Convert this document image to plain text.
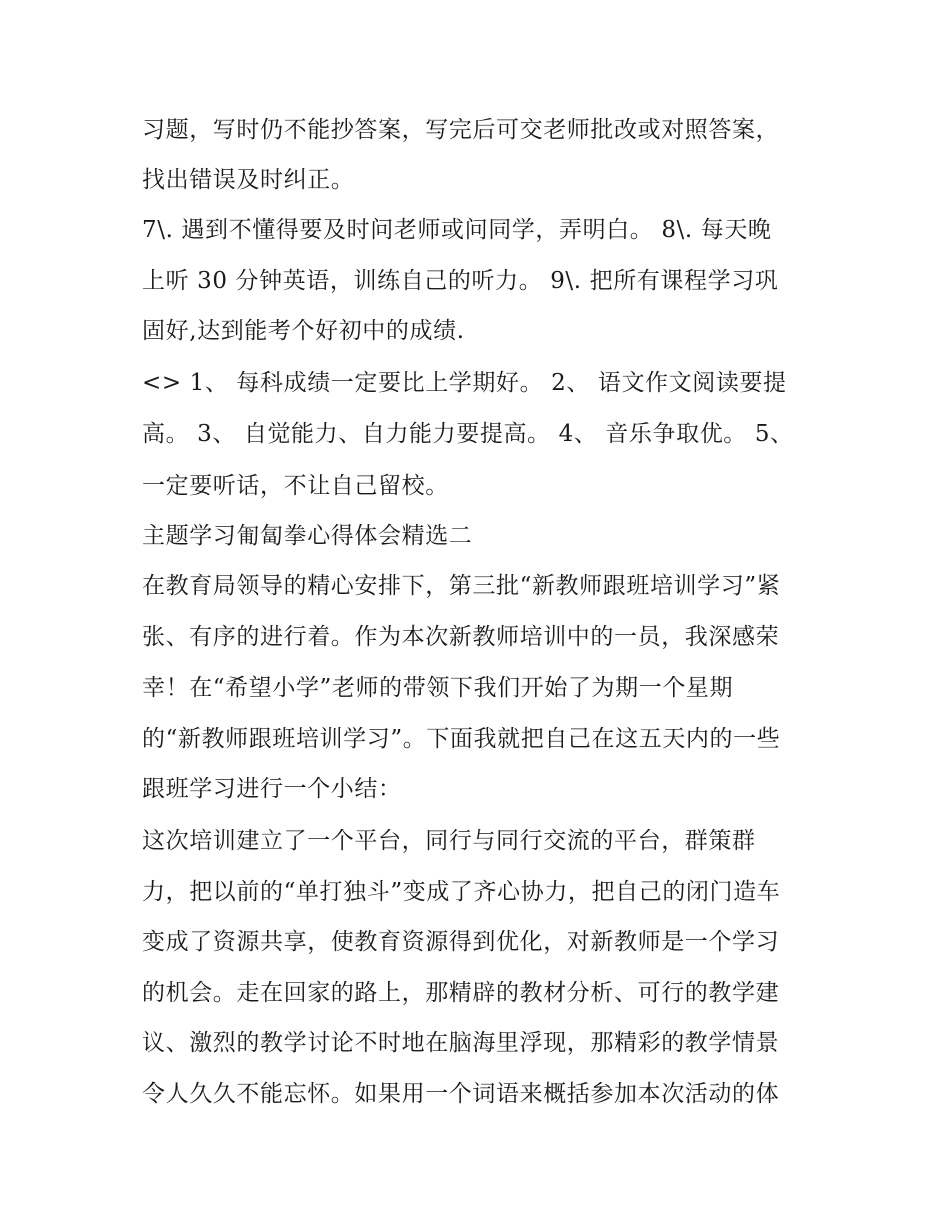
习题，写时仍不能抄答案，写完后可交老师批改或对照答案，
找出错误及时纠正。
7\. 遇到不懂得要及时问老师或问同学，弄明白。 8\. 每天晚
上听 30 分钟英语，训练自己的听力。 9\. 把所有课程学习巩
固好,达到能考个好初中的成绩.
<> 1、 每科成绩一定要比上学期好。 2、 语文作文阅读要提
高。 3、 自觉能力、自力能力要提高。 4、 音乐争取优。 5、
一定要听话，不让自己留校。
主题学习匍匐拳心得体会精选二
在教育局领导的精心安排下，第三批“新教师跟班培训学习”紧
张、有序的进行着。作为本次新教师培训中的一员，我深感荣
幸！在“希望小学”老师的带领下我们开始了为期一个星期
的“新教师跟班培训学习”。下面我就把自己在这五天内的一些
跟班学习进行一个小结：
这次培训建立了一个平台，同行与同行交流的平台，群策群
力，把以前的“单打独斗”变成了齐心协力，把自己的闭门造车
变成了资源共享，使教育资源得到优化，对新教师是一个学习
的机会。走在回家的路上，那精辟的教材分析、可行的教学建
议、激烈的教学讨论不时地在脑海里浮现，那精彩的教学情景
令人久久不能忘怀。如果用一个词语来概括参加本次活动的体
